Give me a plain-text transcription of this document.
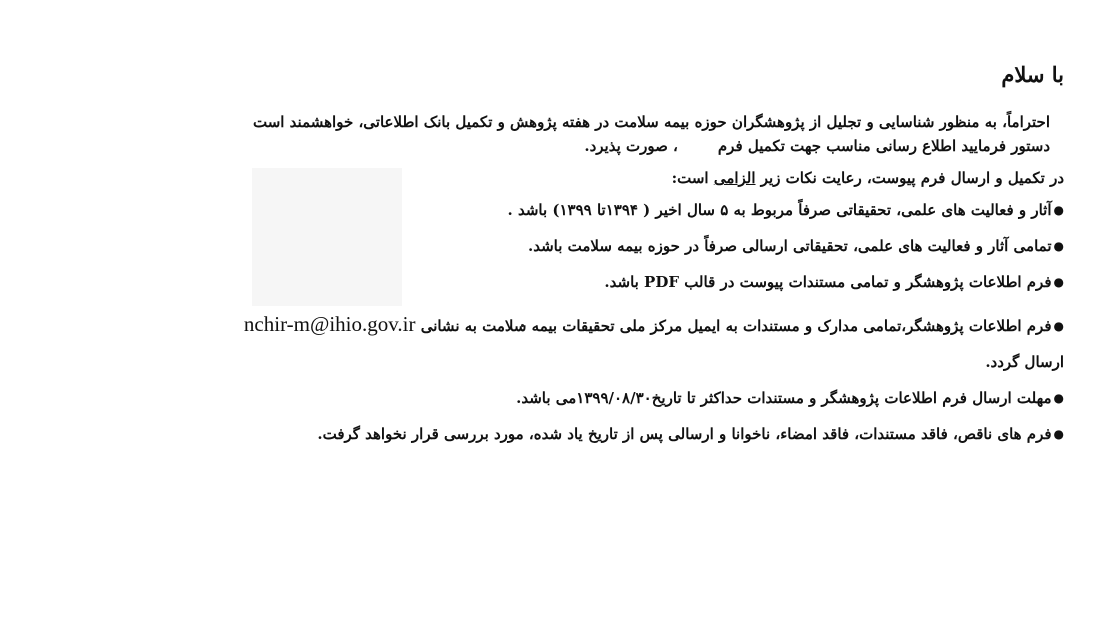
با سلام
احتراماً، به منظور شناسایی و تجلیل از پژوهشگران حوزه بیمه سلامت در هفته پژوهش و تکمیل بانک اطلاعاتی، خواهشمند است
دستور فرمایید اطلاع رسانی مناسب جهت تکمیل فرم، صورت پذیرد.
در تکمیل و ارسال فرم پیوست، رعایت نکات زیر الزامی است:
●آثار و فعالیت های علمی، تحقیقاتی صرفاً مربوط به ۵ سال اخیر ( ۱۳۹۴تا ۱۳۹۹) باشد .
●تمامی آثار و فعالیت های علمی، تحقیقاتی ارسالی صرفاً در حوزه بیمه سلامت باشد.
●فرم اطلاعات پژوهشگر و تمامی مستندات پیوست در قالب PDF باشد.
●فرم اطلاعات پژوهشگر،تمامی مدارک و مستندات به ایمیل مرکز ملی تحقیقات بیمه سلامت به نشانی nchir-m@ihio.gov.ir
ارسال گردد.
●مهلت ارسال فرم اطلاعات پژوهشگر و مستندات حداکثر تا تاریخ۱۳۹۹/۰۸/۳۰می باشد.
●فرم های ناقص، فاقد مستندات، فاقد امضاء، ناخوانا و ارسالی پس از تاریخ یاد شده، مورد بررسی قرار نخواهد گرفت.
